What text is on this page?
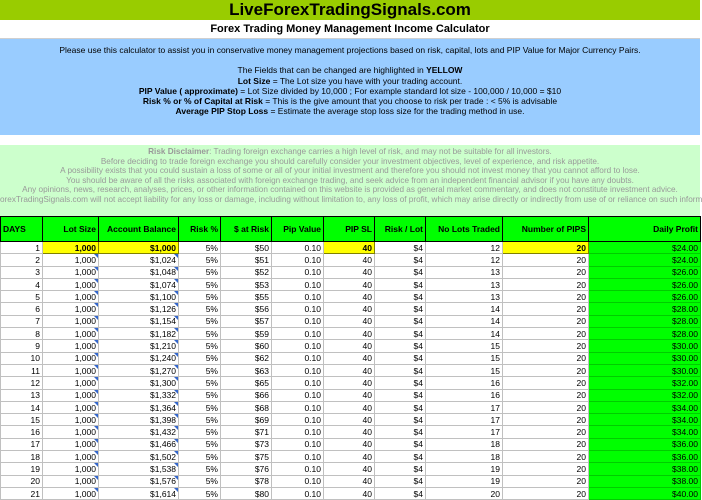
LiveForexTradingSignals.com
Forex Trading Money Management Income Calculator

Please use this calculator to assist you in conservative money management projections based on risk, capital, lots and PIP Value for Major Currency Pairs.

The Fields that can be changed are highlighted in YELLOW

Lot Size = The Lot size you have with your trading account.

PIP Value ( approximate) = Lot Size divided by 10,000 ; For example standard lot size - 100,000 / 10,000 = $10

Risk % or % of Capital at Risk = This is the give amount that you choose to risk per trade : < 5% is advisable

Average PIP Stop Loss = Estimate the average stop loss size for the trading method in use.

Risk Disclaimer: Trading foreign exchange carries a high level of risk, and may not be suitable for all investors.

Before deciding to trade foreign exchange you should carefully consider your investment objectives, level of experience, and risk appetite.

A possibility exists that you could sustain a loss of some or all of your initial investment and therefore you should not invest money that you cannot afford to lose.

You should be aware of all the risks associated with foreign exchange trading, and seek advice from an independent financial advisor if you have any doubts.

Any opinions, news, research, analyses, prices, or other information contained on this website is provided as general market commentary, and does not constitute investment advice.

orexTradingSignals.com will not accept liability for any loss or damage, including without limitation to, any loss of profit, which may arise directly or indirectly from use of or reliance on such inform

DAYS	Lot Size	Account Balance	Risk %	$ at Risk	Pip Value	PIP SL	Risk / Lot	No Lots Traded	Number of PIPS	Daily Profit
1	1,000	$1,000	5%	$50	0.10	40	$4	12	20	$24.00
2	1,000	$1,024	5%	$51	0.10	40	$4	12	20	$24.00
3	1,000	$1,048	5%	$52	0.10	40	$4	13	20	$26.00
4	1,000	$1,074	5%	$53	0.10	40	$4	13	20	$26.00
5	1,000	$1,100	5%	$55	0.10	40	$4	13	20	$26.00
6	1,000	$1,126	5%	$56	0.10	40	$4	14	20	$28.00
7	1,000	$1,154	5%	$57	0.10	40	$4	14	20	$28.00
8	1,000	$1,182	5%	$59	0.10	40	$4	14	20	$28.00
9	1,000	$1,210	5%	$60	0.10	40	$4	15	20	$30.00
10	1,000	$1,240	5%	$62	0.10	40	$4	15	20	$30.00
11	1,000	$1,270	5%	$63	0.10	40	$4	15	20	$30.00
12	1,000	$1,300	5%	$65	0.10	40	$4	16	20	$32.00
13	1,000	$1,332	5%	$66	0.10	40	$4	16	20	$32.00
14	1,000	$1,364	5%	$68	0.10	40	$4	17	20	$34.00
15	1,000	$1,398	5%	$69	0.10	40	$4	17	20	$34.00
16	1,000	$1,432	5%	$71	0.10	40	$4	17	20	$34.00
17	1,000	$1,466	5%	$73	0.10	40	$4	18	20	$36.00
18	1,000	$1,502	5%	$75	0.10	40	$4	18	20	$36.00
19	1,000	$1,538	5%	$76	0.10	40	$4	19	20	$38.00
20	1,000	$1,576	5%	$78	0.10	40	$4	19	20	$38.00
21	1,000	$1,614	5%	$80	0.10	40	$4	20	20	$40.00
